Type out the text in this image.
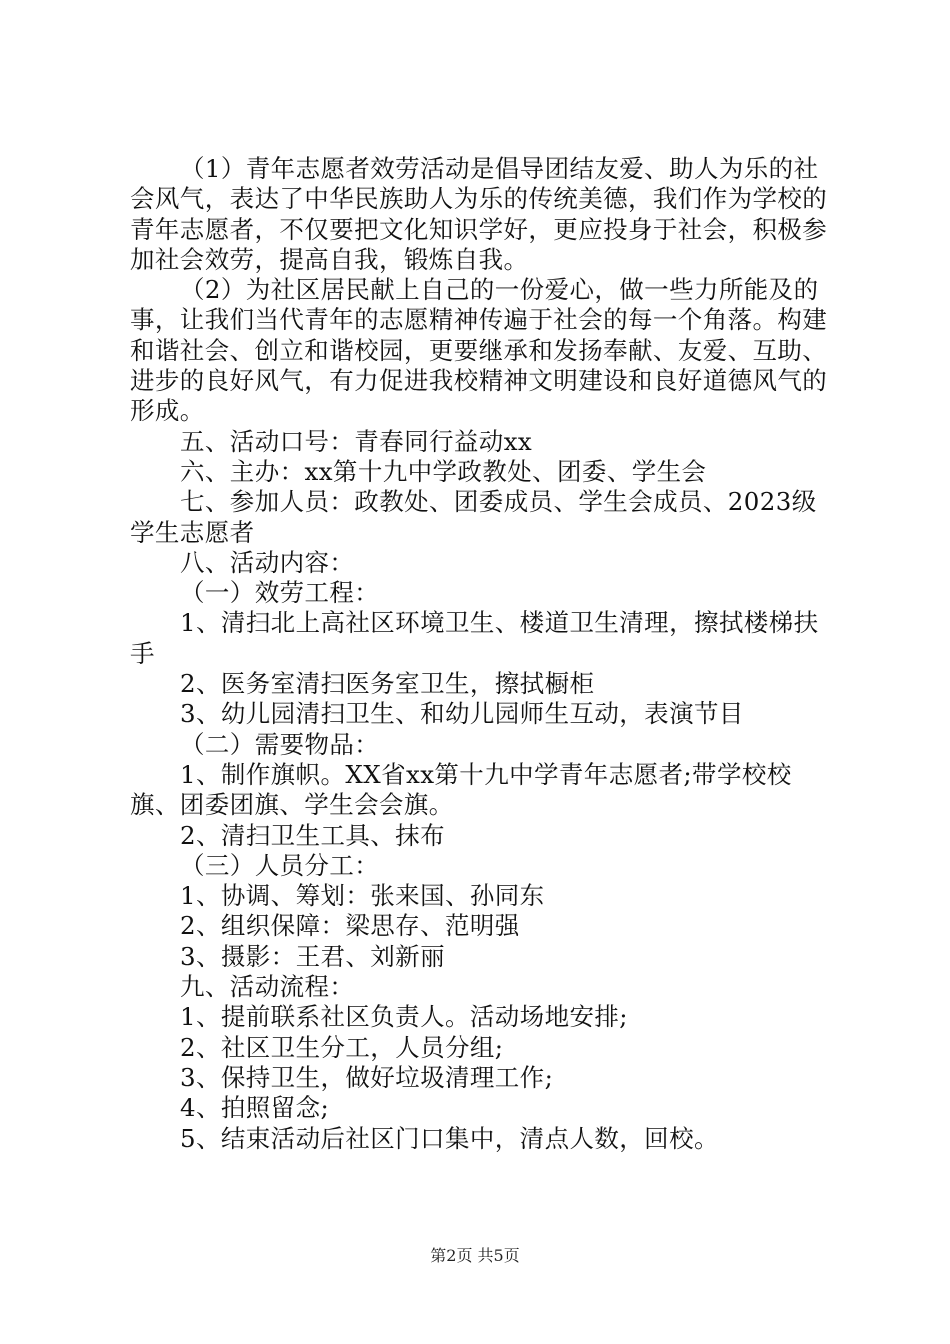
（1）青年志愿者效劳活动是倡导团结友爱、助人为乐的社会风气，表达了中华民族助人为乐的传统美德，我们作为学校的青年志愿者，不仅要把文化知识学好，更应投身于社会，积极参加社会效劳，提高自我，锻炼自我。

（2）为社区居民献上自己的一份爱心，做一些力所能及的事，让我们当代青年的志愿精神传遍于社会的每一个角落。构建和谐社会、创立和谐校园，更要继承和发扬奉献、友爱、互助、进步的良好风气，有力促进我校精神文明建设和良好道德风气的形成。

五、活动口号：青春同行益动xx

六、主办：xx第十九中学政教处、团委、学生会

七、参加人员：政教处、团委成员、学生会成员、2023级学生志愿者

八、活动内容：

（一）效劳工程：

1、清扫北上高社区环境卫生、楼道卫生清理，擦拭楼梯扶手

2、医务室清扫医务室卫生，擦拭橱柜

3、幼儿园清扫卫生、和幼儿园师生互动，表演节目

（二）需要物品：

1、制作旗帜。XX省xx第十九中学青年志愿者;带学校校旗、团委团旗、学生会会旗。

2、清扫卫生工具、抹布

（三）人员分工：

1、协调、筹划：张来国、孙同东

2、组织保障：梁思存、范明强

3、摄影：王君、刘新丽

九、活动流程：

1、提前联系社区负责人。活动场地安排;

2、社区卫生分工，人员分组;

3、保持卫生，做好垃圾清理工作;

4、拍照留念;

5、结束活动后社区门口集中，清点人数，回校。

第2页 共5页
